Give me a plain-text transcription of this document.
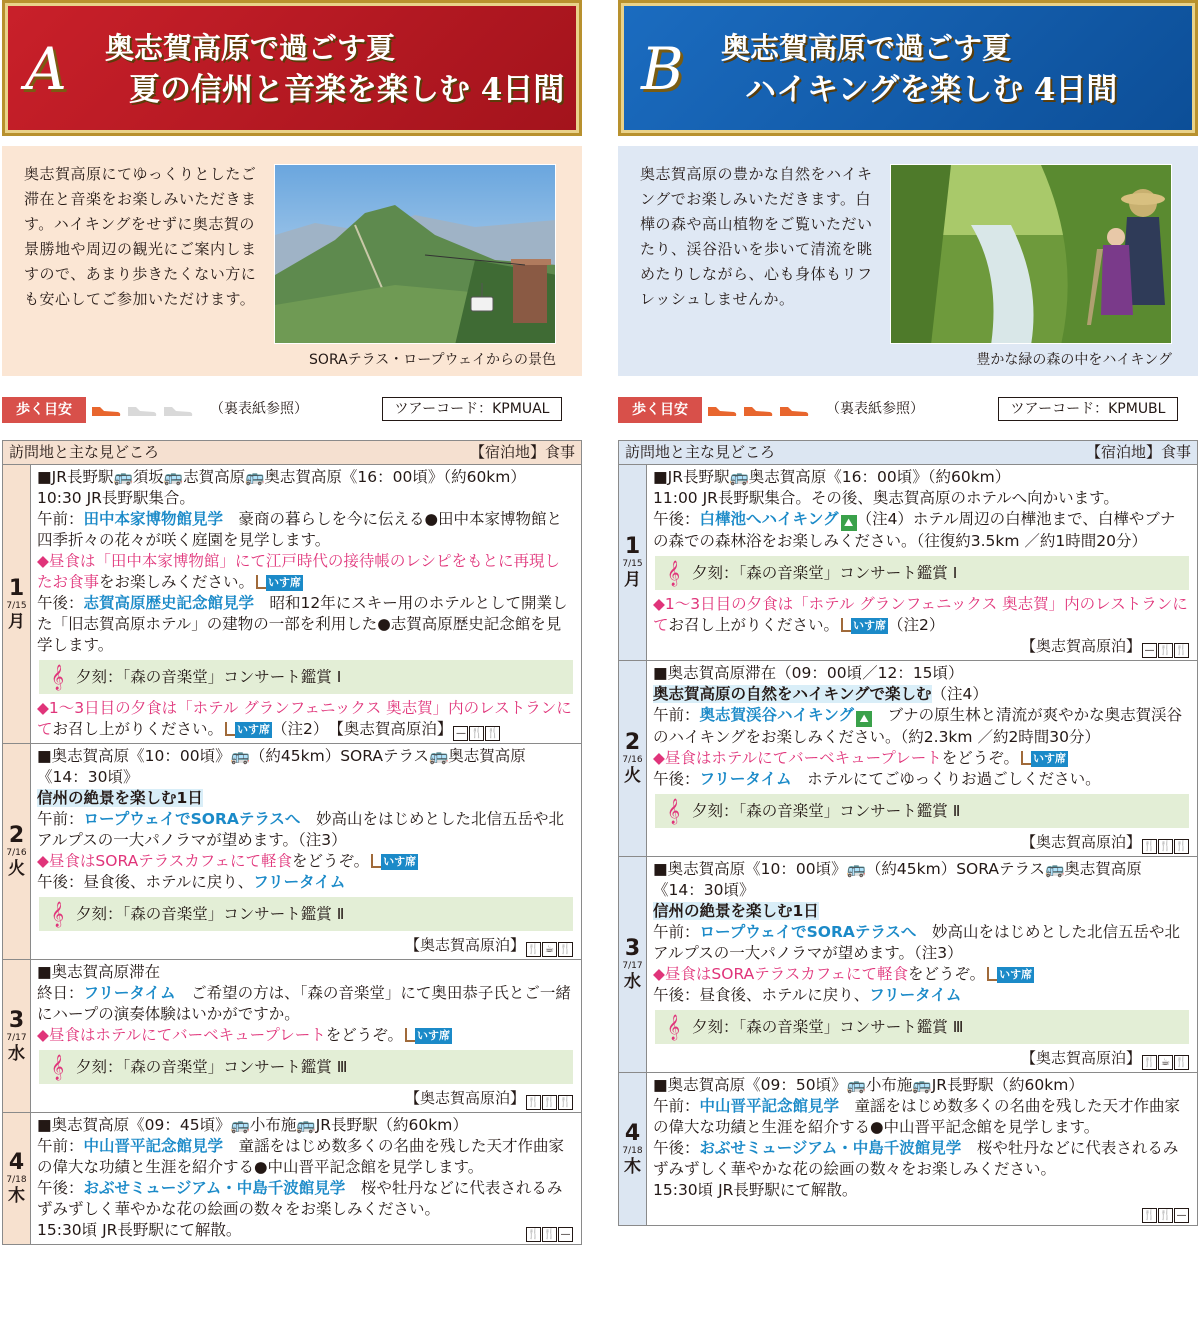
A 奥志賀高原で過ごす夏
夏の信州と音楽を楽しむ 4日間
奥志賀高原にてゆっくりとしたご滞在と音楽をお楽しみいただきます。ハイキングをせずに奥志賀の景勝地や周辺の観光にご案内しますので、あまり歩きたくない方にも安心してご参加いただけます。
SORAテラス・ロープウェイからの景色
歩く目安	（裏表紙参照）	ツアーコード：KPMUAL
訪問地と主な見どころ	【宿泊地】食事
1
7/15
月

■JR長野駅🚌須坂🚌志賀高原🚌奥志賀高原《16：00頃》（約60km）

10:30 JR長野駅集合。

午前：田中本家博物館見学　豪商の暮らしを今に伝える●田中本家博物館と四季折々の花々が咲く庭園を見学します。

◆昼食は「田中本家博物館」にて江戸時代の接待帳のレシピをもとに再現したお食事をお楽しみください。 いす席

午後：志賀高原歴史記念館見学　昭和12年にスキー用のホテルとして開業した「旧志賀高原ホテル」の建物の一部を利用した●志賀高原歴史記念館を見学します。

𝄞 夕刻：「森の音楽堂」コンサート鑑賞 Ⅰ

◆1～3日目の夕食は「ホテル グランフェニックス 奥志賀」内のレストランにてお召し上がりください。 いす席 （注2）　 【奥志賀高原泊】 — 🍴 🍴

2
7/16
火

■奥志賀高原《10：00頃》🚌（約45km）SORAテラス🚌奥志賀高原《14：30頃》

信州の絶景を楽しむ1日

午前：ロープウェイでSORAテラスへ　妙高山をはじめとした北信五岳や北アルプスの一大パノラマが望めます。（注3）

◆昼食はSORAテラスカフェにて軽食をどうぞ。 いす席

午後：昼食後、ホテルに戻り、フリータイム

𝄞 夕刻：「森の音楽堂」コンサート鑑賞 Ⅱ

【奥志賀高原泊】 🍴 ☕ 🍴

3
7/17
水

■奥志賀高原滞在

終日：フリータイム　ご希望の方は、「森の音楽堂」にて奥田恭子氏とご一緒にハープの演奏体験はいかがですか。

◆昼食はホテルにてバーベキュープレートをどうぞ。 いす席

𝄞 夕刻：「森の音楽堂」コンサート鑑賞 Ⅲ

【奥志賀高原泊】 🍴 🍴 🍴

4
7/18
木

■奥志賀高原《09：45頃》🚌小布施🚌JR長野駅（約60km）

午前：中山晋平記念館見学　童謡をはじめ数多くの名曲を残した天才作曲家の偉大な功績と生涯を紹介する●中山晋平記念館を見学します。

午後：おぶせミュージアム・中島千波館見学　桜や牡丹などに代表されるみずみずしく華やかな花の絵画の数々をお楽しみください。

15:30頃 JR長野駅にて解散。	🍴 🍴 —

B 奥志賀高原で過ごす夏
ハイキングを楽しむ 4日間
奥志賀高原の豊かな自然をハイキングでお楽しみいただきます。白樺の森や高山植物をご覧いただいたり、渓谷沿いを歩いて清流を眺めたりしながら、心も身体もリフレッシュしませんか。
豊かな緑の森の中をハイキング
歩く目安	（裏表紙参照）	ツアーコード：KPMUBL
訪問地と主な見どころ	【宿泊地】食事
1
7/15
月

■JR長野駅🚌奥志賀高原《16：00頃》（約60km）

11:00 JR長野駅集合。その後、奥志賀高原のホテルへ向かいます。

午後：白樺池へハイキング ⛰ （注4）ホテル周辺の白樺池まで、白樺やブナの森での森林浴をお楽しみください。（往復約3.5km ／約1時間20分）

𝄞 夕刻：「森の音楽堂」コンサート鑑賞 Ⅰ

◆1～3日目の夕食は「ホテル グランフェニックス 奥志賀」内のレストランにてお召し上がりください。 いす席 （注2）

【奥志賀高原泊】 — 🍴 🍴

2
7/16
火

■奥志賀高原滞在（09：00頃／12：15頃）

奥志賀高原の自然をハイキングで楽しむ（注4）

午前：奥志賀渓谷ハイキング ⛰　ブナの原生林と清流が爽やかな奥志賀渓谷のハイキングをお楽しみください。（約2.3km ／約2時間30分）

◆昼食はホテルにてバーベキュープレートをどうぞ。 いす席

午後：フリータイム　ホテルにてごゆっくりお過ごしください。

𝄞 夕刻：「森の音楽堂」コンサート鑑賞 Ⅱ

【奥志賀高原泊】 🍴 🍴 🍴

3
7/17
水

■奥志賀高原《10：00頃》🚌（約45km）SORAテラス🚌奥志賀高原《14：30頃》

信州の絶景を楽しむ1日

午前：ロープウェイでSORAテラスへ　妙高山をはじめとした北信五岳や北アルプスの一大パノラマが望めます。（注3）

◆昼食はSORAテラスカフェにて軽食をどうぞ。 いす席

午後：昼食後、ホテルに戻り、フリータイム

𝄞 夕刻：「森の音楽堂」コンサート鑑賞 Ⅲ

【奥志賀高原泊】 🍴 ☕ 🍴

4
7/18
木

■奥志賀高原《09：50頃》🚌小布施🚌JR長野駅（約60km）

午前：中山晋平記念館見学　童謡をはじめ数多くの名曲を残した天才作曲家の偉大な功績と生涯を紹介する●中山晋平記念館を見学します。

午後：おぶせミュージアム・中島千波館見学　桜や牡丹などに代表されるみずみずしく華やかな花の絵画の数々をお楽しみください。

15:30頃 JR長野駅にて解散。

🍴 🍴 —
